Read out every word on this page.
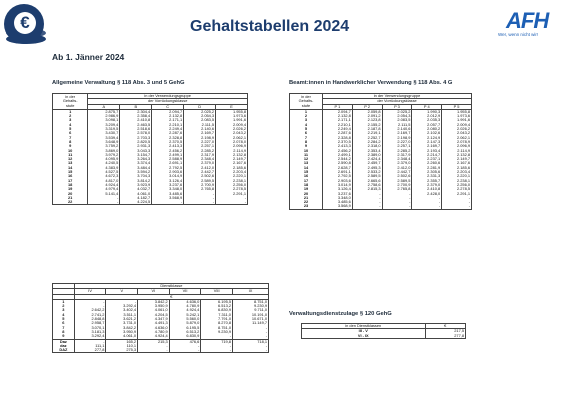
€	Gehaltstabellen 2024	AFH
Wer, wenn nicht wir!
Ab 1. Jänner 2024
Allgemeine Verwaltung § 118 Abs. 3 und 5 GehG	Beamt:innen in Handwerklicher Verwendung § 118 Abs. 4 G
Verwaltungsdienstzulage § 120 GehG
in der
Gehalts-
stufe	in der Verwendungsgruppe				
	der Vorrückungsklasse				
	A	B	C	D	E
1	2.875,7	2.304,4	2.094,7	2.025,2	1.955,8
2	2.986,9	2.358,4	2.132,8	2.054,3	1.973,6
3	3.098,1	2.410,8	2.171,1	2.083,5	1.991,6
4	3.209,4	2.463,5	2.210,1	2.111,5	2.009,4
5	3.319,5	2.518,6	2.249,4	2.140,6	2.026,2
6	3.430,7	2.578,0	2.287,6	2.169,7	2.043,2
7	3.539,4	2.703,3	2.328,8	2.198,9	2.062,1
8	3.648,9	2.820,5	2.370,5	2.227,0	2.078,0
9	3.759,2	2.931,3	2.413,3	2.257,1	2.096,9
10	3.869,0	3.043,3	2.456,2	2.285,2	2.114,9
11	3.979,2	3.154,7	2.499,1	2.317,9	2.132,8
12	4.095,9	3.264,3	2.588,9	2.348,4	2.149,7
13	4.240,5	3.374,4	2.691,1	2.379,0	2.167,6
14	4.383,9	3.484,4	2.792,5	2.412,0	2.185,6
15	4.527,5	3.594,2	2.903,6	2.442,7	2.203,4
16	4.672,3	3.704,3	3.014,9	2.502,6	2.220,1
17	4.817,0	3.814,2	3.126,4	2.589,5	2.238,1
18	4.924,4	3.923,9	3.237,6	2.700,9	2.256,0
19	4.979,4	4.032,7	3.348,0	2.765,8	2.278,5
20	5.141,4	4.061,0	3.485,6	-	2.291,1
21	-	4.182,7	3.568,9	-	-
22	-	4.224,5	-	-	-
	Dienstklasse					
	IV	V	VI	VII	VIII	IX
	€					
1	-	-	3.842,2	4.636,0	6.195,5	8.751,0
2	-	3.292,4	3.950,9	4.780,9	6.513,2	9.230,9
3	2.642,2	3.402,4	4.061,0	4.924,4	6.830,9	9.711,0
4	2.741,2	3.511,1	4.204,5	5.242,1	7.311,0	10.191,0
5	2.848,8	3.621,2	4.347,9	5.560,0	7.791,0	10.671,0
6	2.958,7	3.731,0	4.491,3	5.879,0	8.270,8	11.149,7
7	3.070,1	3.842,2	4.636,0	6.195,5	8.751,0	-
8	3.181,3	3.950,9	4.780,9	6.513,2	9.230,9	-
9	3.292,4	4.061,0	4.924,4	6.830,9	-	-
Daz	-	165,2	215,3	476,6	719,8	718,1
daz	111,1	110,1	-	-	-	-
DAZ	277,8	275,3	-	-	-	-
in der
Gehalts-
stufe	in der Verwendungsgruppe				
	der Vorrückungsklasse				
	P 1	P 2	P 3	P 4	P 5
1	2.094,7	2.059,8	2.025,2	1.990,3	1.955,8
2	2.132,8	2.091,2	2.054,3	2.012,9	1.973,6
3	2.171,1	2.123,8	2.083,5	2.035,3	1.991,6
4	2.210,1	2.155,2	2.111,5	2.057,7	2.009,4
5	2.249,4	2.187,8	2.140,6	2.080,2	2.026,2
6	2.287,6	2.219,1	2.169,7	2.102,6	2.043,2
7	2.328,8	2.252,7	2.198,9	2.124,9	2.062,1
8	2.370,5	2.284,2	2.227,0	2.147,3	2.078,9
9	2.413,3	2.318,0	2.257,1	2.169,7	2.096,9
10	2.456,2	2.353,4	2.285,2	2.193,4	2.114,9
11	2.499,1	2.389,0	2.317,9	2.214,7	2.132,8
12	2.544,2	2.424,4	2.348,4	2.237,1	2.149,7
13	2.590,8	2.459,7	2.379,0	2.260,6	2.167,6
14	2.628,7	2.495,3	2.412,0	2.281,9	2.185,6
15	2.691,1	2.533,2	2.442,7	2.305,6	2.203,4
16	2.792,5	2.589,5	2.502,6	2.331,3	2.220,1
17	2.903,6	2.665,6	2.589,5	2.355,7	2.238,1
18	3.014,9	2.758,6	2.700,9	2.379,0	2.256,0
19	3.126,4	2.815,3	2.765,8	2.410,8	2.278,5
20	3.237,6	-	-	2.428,0	2.291,1
21	3.348,0	-	-	-	-
22	3.485,6	-	-	-	-
23	3.568,9	-	-	-	-
in den Dienstklassen	€
III - V	217,5
VI - IX	277,8
